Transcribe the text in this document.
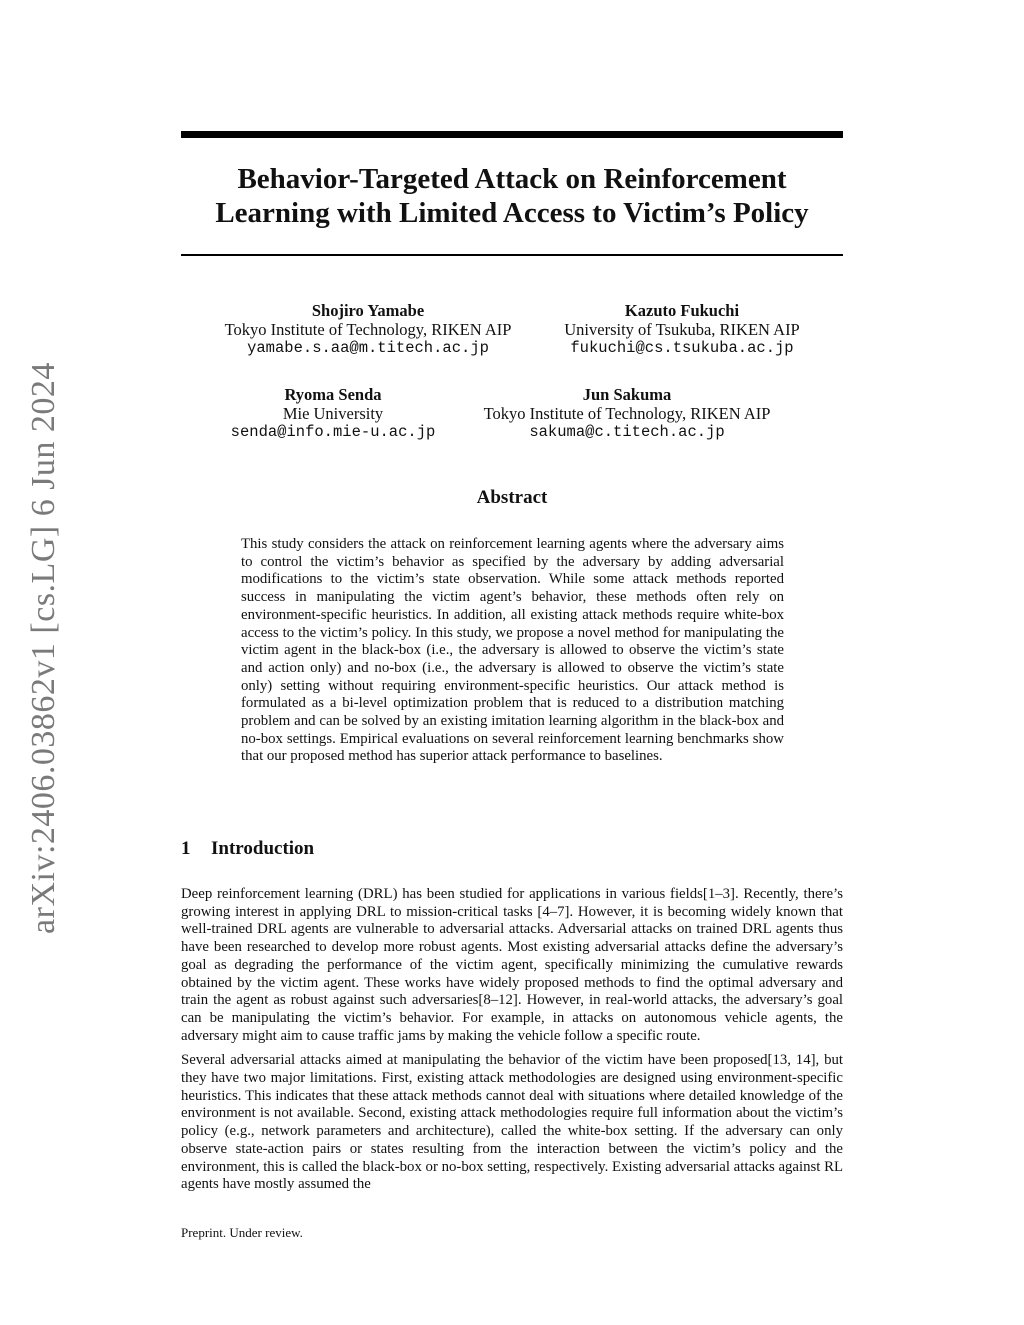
arXiv:2406.03862v1 [cs.LG] 6 Jun 2024
Behavior-Targeted Attack on Reinforcement Learning with Limited Access to Victim’s Policy
Shojiro Yamabe
Tokyo Institute of Technology, RIKEN AIP
yamabe.s.aa@m.titech.ac.jp
Kazuto Fukuchi
University of Tsukuba, RIKEN AIP
fukuchi@cs.tsukuba.ac.jp
Ryoma Senda
Mie University
senda@info.mie-u.ac.jp
Jun Sakuma
Tokyo Institute of Technology, RIKEN AIP
sakuma@c.titech.ac.jp
Abstract

This study considers the attack on reinforcement learning agents where the adversary aims to control the victim’s behavior as specified by the adversary by adding adversarial modifications to the victim’s state observation. While some attack methods reported success in manipulating the victim agent’s behavior, these methods often rely on environment-specific heuristics. In addition, all existing attack methods require white-box access to the victim’s policy. In this study, we propose a novel method for manipulating the victim agent in the black-box (i.e., the adversary is allowed to observe the victim’s state and action only) and no-box (i.e., the adversary is allowed to observe the victim’s state only) setting without requiring environment-specific heuristics. Our attack method is formulated as a bi-level optimization problem that is reduced to a distribution matching problem and can be solved by an existing imitation learning algorithm in the black-box and no-box settings. Empirical evaluations on several reinforcement learning benchmarks show that our proposed method has superior attack performance to baselines.

1 Introduction

Deep reinforcement learning (DRL) has been studied for applications in various fields[1–3]. Recently, there’s growing interest in applying DRL to mission-critical tasks [4–7]. However, it is becoming widely known that well-trained DRL agents are vulnerable to adversarial attacks. Adversarial attacks on trained DRL agents thus have been researched to develop more robust agents. Most existing adversarial attacks define the adversary’s goal as degrading the performance of the victim agent, specifically minimizing the cumulative rewards obtained by the victim agent. These works have widely proposed methods to find the optimal adversary and train the agent as robust against such adversaries[8–12]. However, in real-world attacks, the adversary’s goal can be manipulating the victim’s behavior. For example, in attacks on autonomous vehicle agents, the adversary might aim to cause traffic jams by making the vehicle follow a specific route.

Several adversarial attacks aimed at manipulating the behavior of the victim have been proposed[13, 14], but they have two major limitations. First, existing attack methodologies are designed using environment-specific heuristics. This indicates that these attack methods cannot deal with situations where detailed knowledge of the environment is not available. Second, existing attack methodologies require full information about the victim’s policy (e.g., network parameters and architecture), called the white-box setting. If the adversary can only observe state-action pairs or states resulting from the interaction between the victim’s policy and the environment, this is called the black-box or no-box setting, respectively. Existing adversarial attacks against RL agents have mostly assumed the

Preprint. Under review.
